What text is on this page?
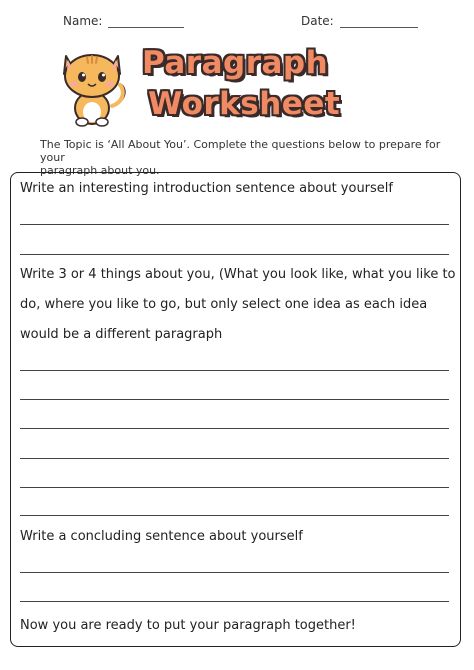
Name:	Date:
Paragraph
Worksheet
The Topic is ‘All About You’. Complete the questions below to prepare for your
paragraph about you.
Write an interesting introduction sentence about yourself
Write 3 or 4 things about you, (What you look like, what you like to
do, where you like to go, but only select one idea as each idea
would be a different paragraph
Write a concluding sentence about yourself
Now you are ready to put your paragraph together!
